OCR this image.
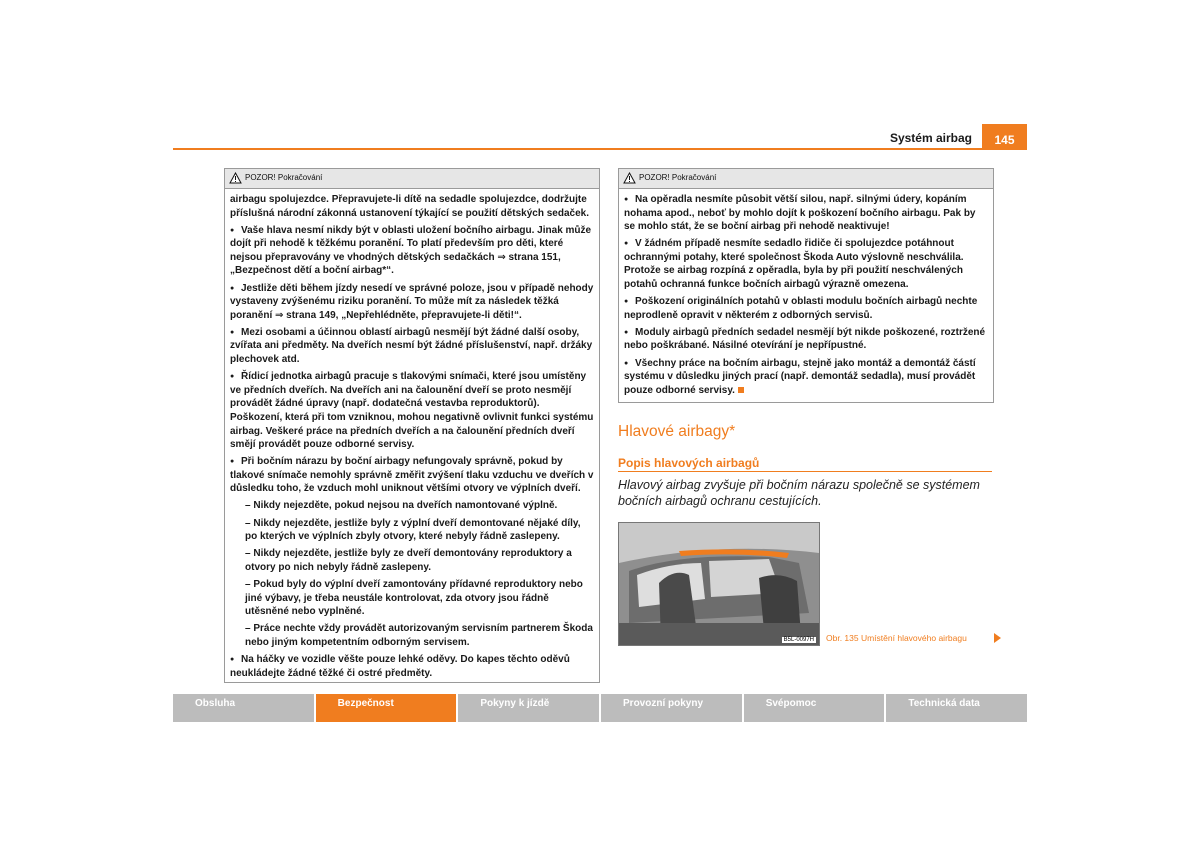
Systém airbag	145
POZOR! Pokračování

airbagu spolujezdce. Přepravujete-li dítě na sedadle spolujezdce, dodržujte příslušná národní zákonná ustanovení týkající se použití dětských sedaček.

● Vaše hlava nesmí nikdy být v oblasti uložení bočního airbagu. Jinak může dojít při nehodě k těžkému poranění. To platí především pro děti, které nejsou přepravovány ve vhodných dětských sedačkách ⇒ strana 151, „Bezpečnost dětí a boční airbag*“.

● Jestliže děti během jízdy nesedí ve správné poloze, jsou v případě nehody vystaveny zvýšenému riziku poranění. To může mít za následek těžká poranění ⇒ strana 149, „Nepřehlédněte, přepravujete-li děti!“.

● Mezi osobami a účinnou oblastí airbagů nesmějí být žádné další osoby, zvířata ani předměty. Na dveřích nesmí být žádné příslušenství, např. držáky plechovek atd.

● Řídicí jednotka airbagů pracuje s tlakovými snímači, které jsou umístěny ve předních dveřích. Na dveřích ani na čalounění dveří se proto nesmějí provádět žádné úpravy (např. dodatečná vestavba reproduktorů). Poškození, která při tom vzniknou, mohou negativně ovlivnit funkci systému airbag. Veškeré práce na předních dveřích a na čalounění předních dveří smějí provádět pouze odborné servisy.

● Při bočním nárazu by boční airbagy nefungovaly správně, pokud by tlakové snímače nemohly správně změřit zvýšení tlaku vzduchu ve dveřích v důsledku toho, že vzduch mohl uniknout většími otvory ve výplních dveří.

– Nikdy nejezděte, pokud nejsou na dveřích namontované výplně.

– Nikdy nejezděte, jestliže byly z výplní dveří demontované nějaké díly, po kterých ve výplních zbyly otvory, které nebyly řádně zaslepeny.

– Nikdy nejezděte, jestliže byly ze dveří demontovány reproduktory a otvory po nich nebyly řádně zaslepeny.

– Pokud byly do výplní dveří zamontovány přídavné reproduktory nebo jiné výbavy, je třeba neustále kontrolovat, zda otvory jsou řádně utěsněné nebo vyplněné.

– Práce nechte vždy provádět autorizovaným servisním partnerem Škoda nebo jiným kompetentním odborným servisem.

● Na háčky ve vozidle věšte pouze lehké oděvy. Do kapes těchto oděvů neukládejte žádné těžké či ostré předměty.

POZOR! Pokračování

● Na opěradla nesmíte působit větší silou, např. silnými údery, kopáním nohama apod., neboť by mohlo dojít k poškození bočního airbagu. Pak by se mohlo stát, že se boční airbag při nehodě neaktivuje!

● V žádném případě nesmíte sedadlo řidiče či spolujezdce potáhnout ochrannými potahy, které společnost Škoda Auto výslovně neschválila. Protože se airbag rozpíná z opěradla, byla by při použití neschválených potahů ochranná funkce bočních airbagů výrazně omezena.

● Poškození originálních potahů v oblasti modulu bočních airbagů nechte neprodleně opravit v některém z odborných servisů.

● Moduly airbagů předních sedadel nesmějí být nikde poškozené, roztržené nebo poškrábané. Násilné otevírání je nepřípustné.

● Všechny práce na bočním airbagu, stejně jako montáž a demontáž částí systému v důsledku jiných prací (např. demontáž sedadla), musí provádět pouze odborné servisy.

Hlavové airbagy*
Popis hlavových airbagů
Hlavový airbag zvyšuje při bočním nárazu společně se systémem bočních airbagů ochranu cestujících.
B5L-0097H Obr. 135 Umístění hlavového airbagu
Obsluha	Bezpečnost	Pokyny k jízdě	Provozní pokyny	Svépomoc	Technická data
